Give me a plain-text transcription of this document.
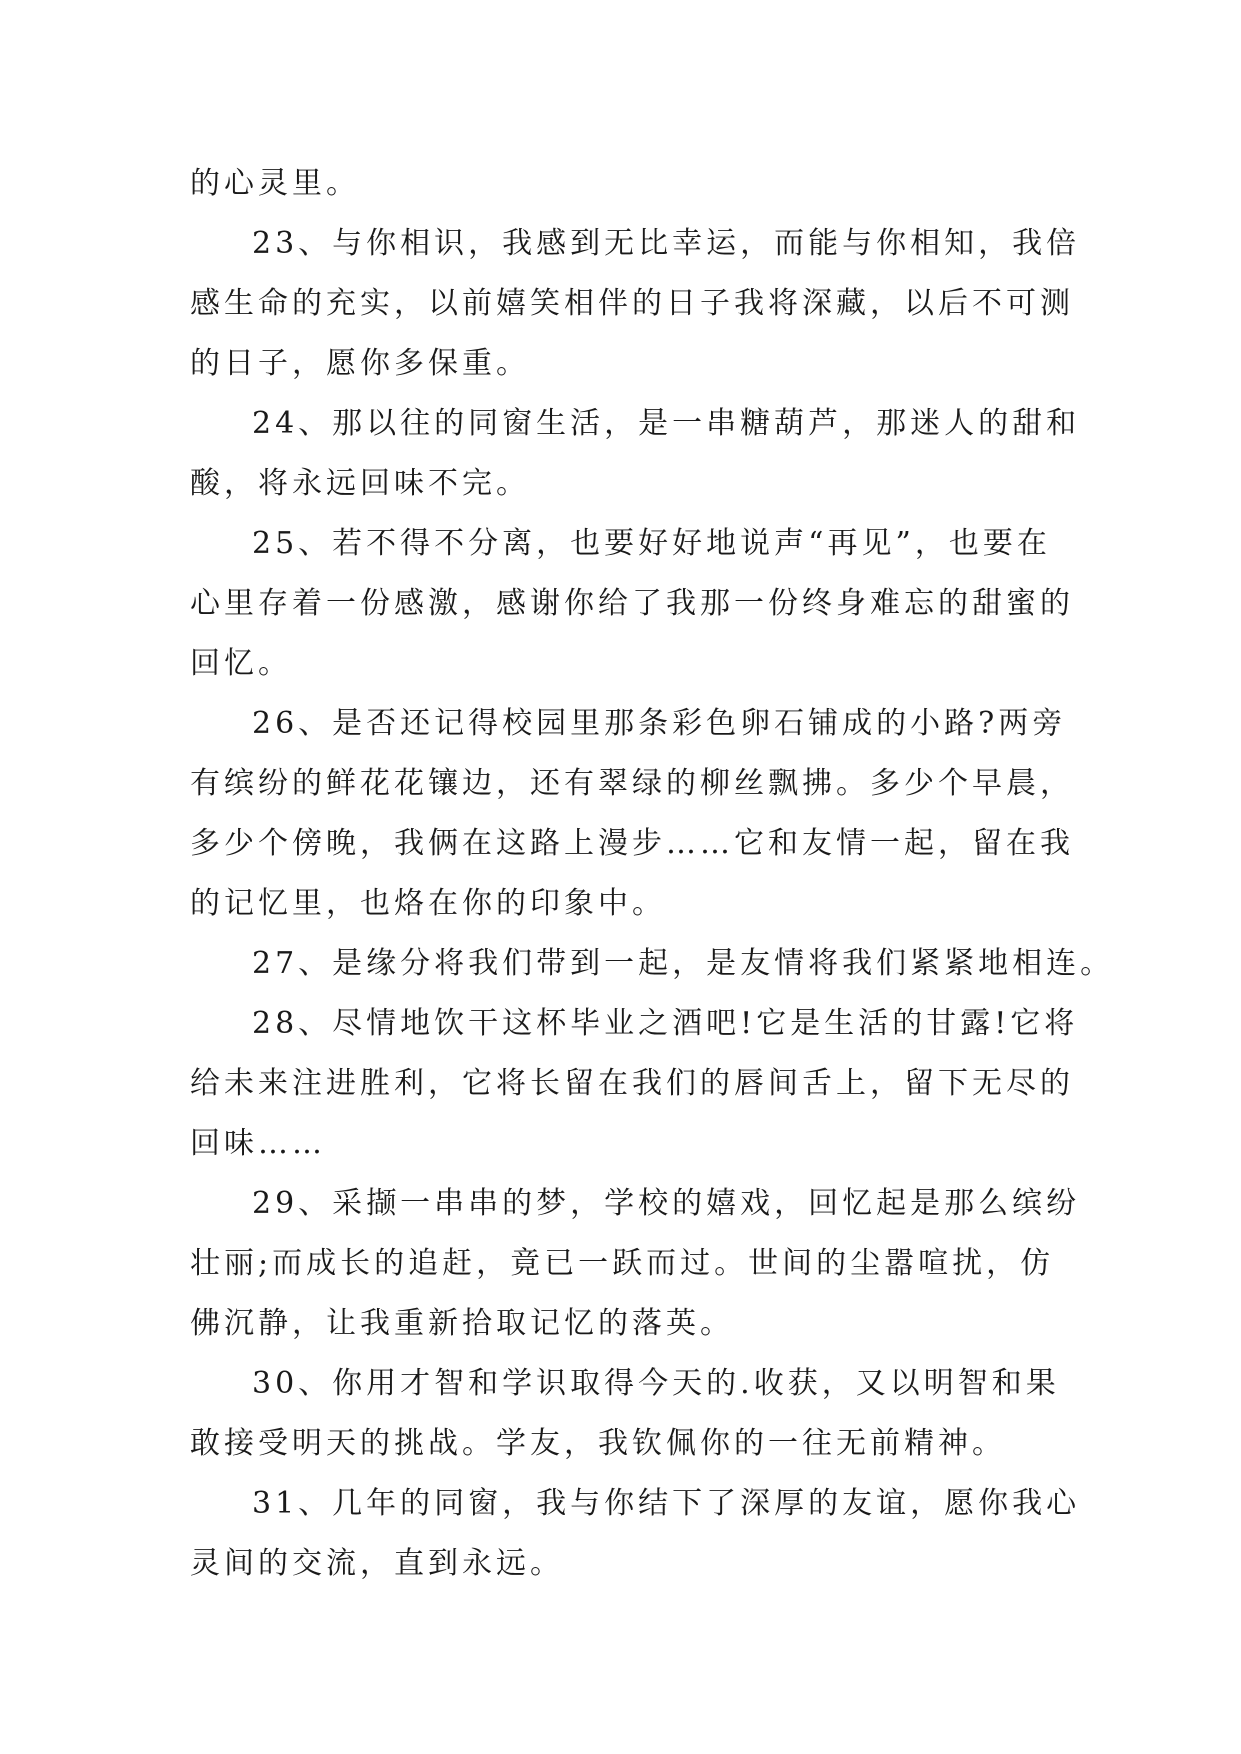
的心灵里。

23、与你相识，我感到无比幸运，而能与你相知，我倍
感生命的充实，以前嬉笑相伴的日子我将深藏，以后不可测
的日子，愿你多保重。

24、那以往的同窗生活，是一串糖葫芦，那迷人的甜和
酸，将永远回味不完。

25、若不得不分离，也要好好地说声“再见”，也要在
心里存着一份感激，感谢你给了我那一份终身难忘的甜蜜的
回忆。

26、是否还记得校园里那条彩色卵石铺成的小路?两旁
有缤纷的鲜花花镶边，还有翠绿的柳丝飘拂。多少个早晨，
多少个傍晚，我俩在这路上漫步……它和友情一起，留在我
的记忆里，也烙在你的印象中。

27、是缘分将我们带到一起，是友情将我们紧紧地相连。

28、尽情地饮干这杯毕业之酒吧!它是生活的甘露!它将
给未来注进胜利，它将长留在我们的唇间舌上，留下无尽的
回味……

29、采撷一串串的梦，学校的嬉戏，回忆起是那么缤纷
壮丽;而成长的追赶，竟已一跃而过。世间的尘嚣喧扰，仿
佛沉静，让我重新拾取记忆的落英。

30、你用才智和学识取得今天的.收获，又以明智和果
敢接受明天的挑战。学友，我钦佩你的一往无前精神。

31、几年的同窗，我与你结下了深厚的友谊，愿你我心
灵间的交流，直到永远。
